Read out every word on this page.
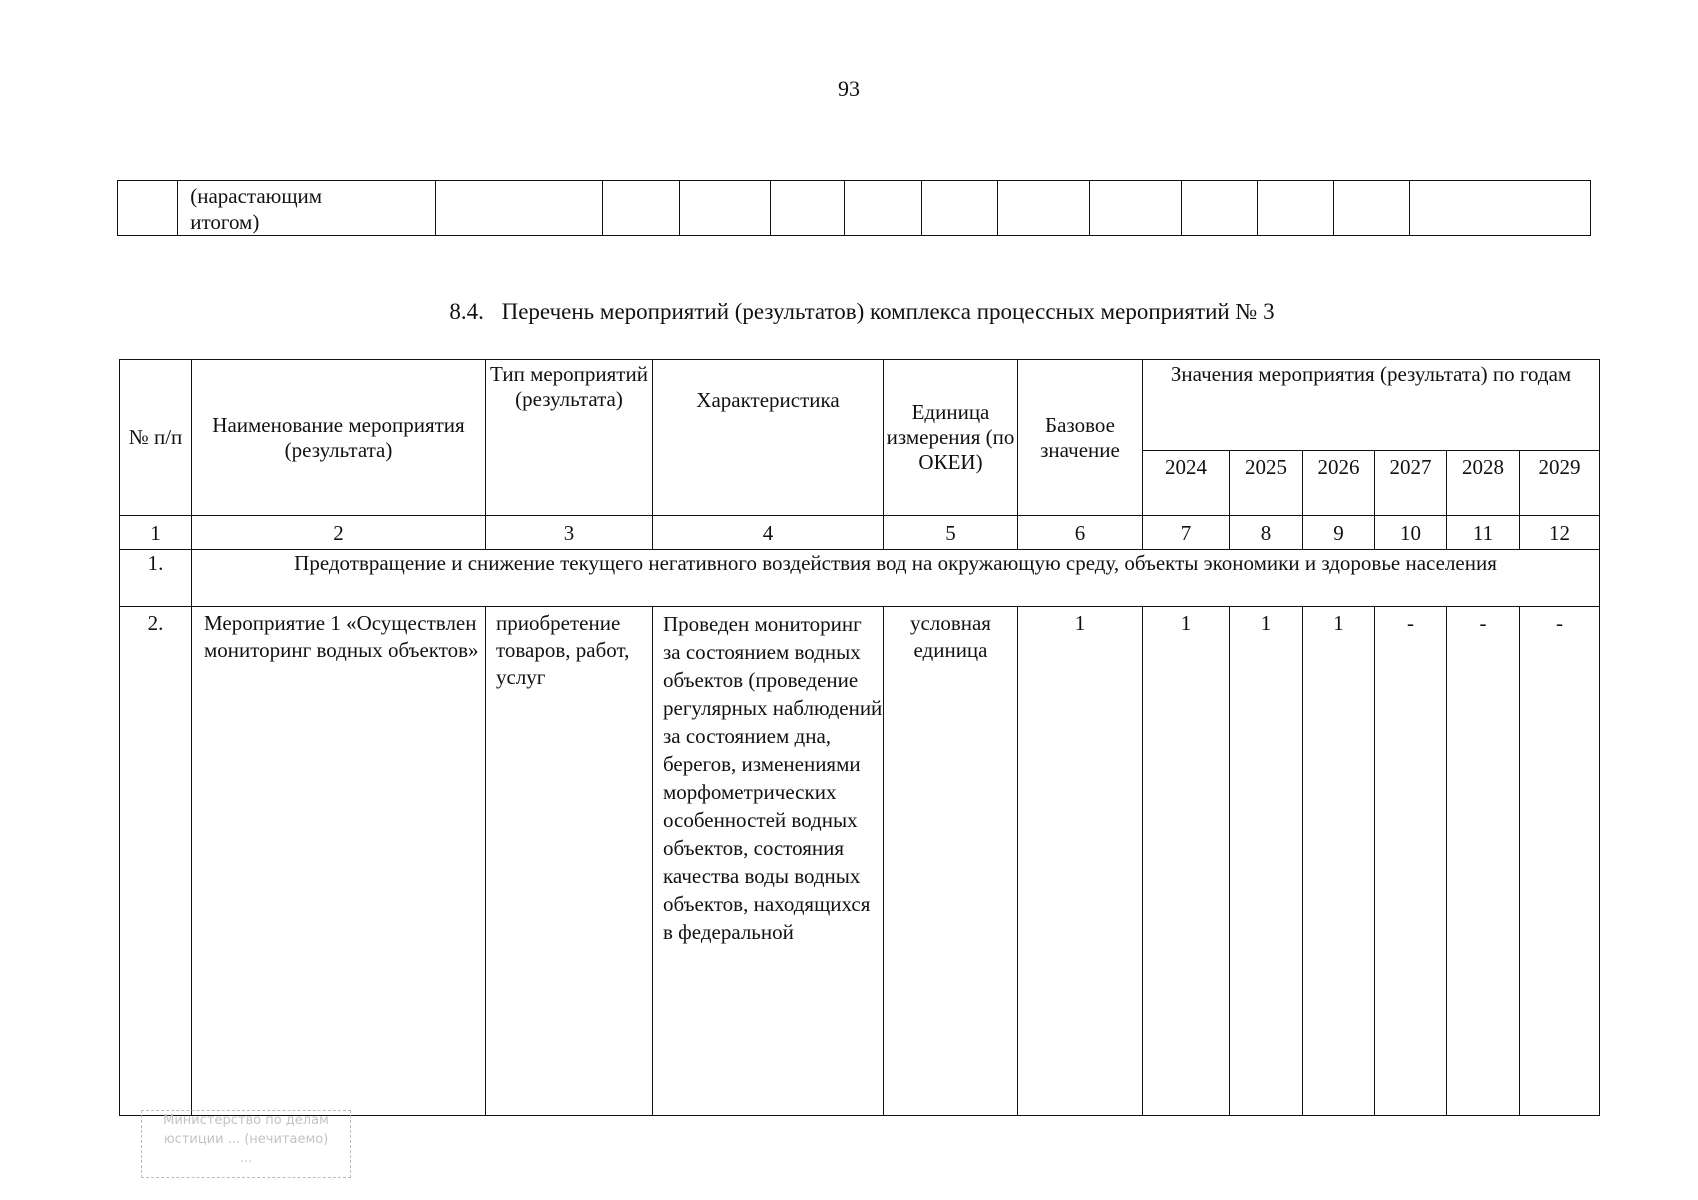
93

(нарастающим
итогом)

8.4. Перечень мероприятий (результатов) комплекса процессных мероприятий № 3
№ п/п	Наименование мероприятия (результата)	Тип мероприятий (результата)	Характеристика	Единица измерения (по ОКЕИ)	Базовое значение	Значения мероприятия (результата) по годам					
						2024	2025	2026	2027	2028	2029
1	2	3	4	5	6	7	8	9	10	11	12
1.	Предотвращение и снижение текущего негативного воздействия вод на окружающую среду, объекты экономики и здоровье населения										
2.	Мероприятие 1 «Осуществлен мониторинг водных объектов»	приобретение товаров, работ, услуг	Проведен мониторинг за состоянием водных объектов (проведение регулярных наблюдений за состоянием дна, берегов, изменениями морфометрических особенностей водных объектов, состояния качества воды водных объектов, находящихся в федеральной	условная единица	1	1	1	1	-	-	-
Министерство по делам
юстиции ... (нечитаемо)
...
